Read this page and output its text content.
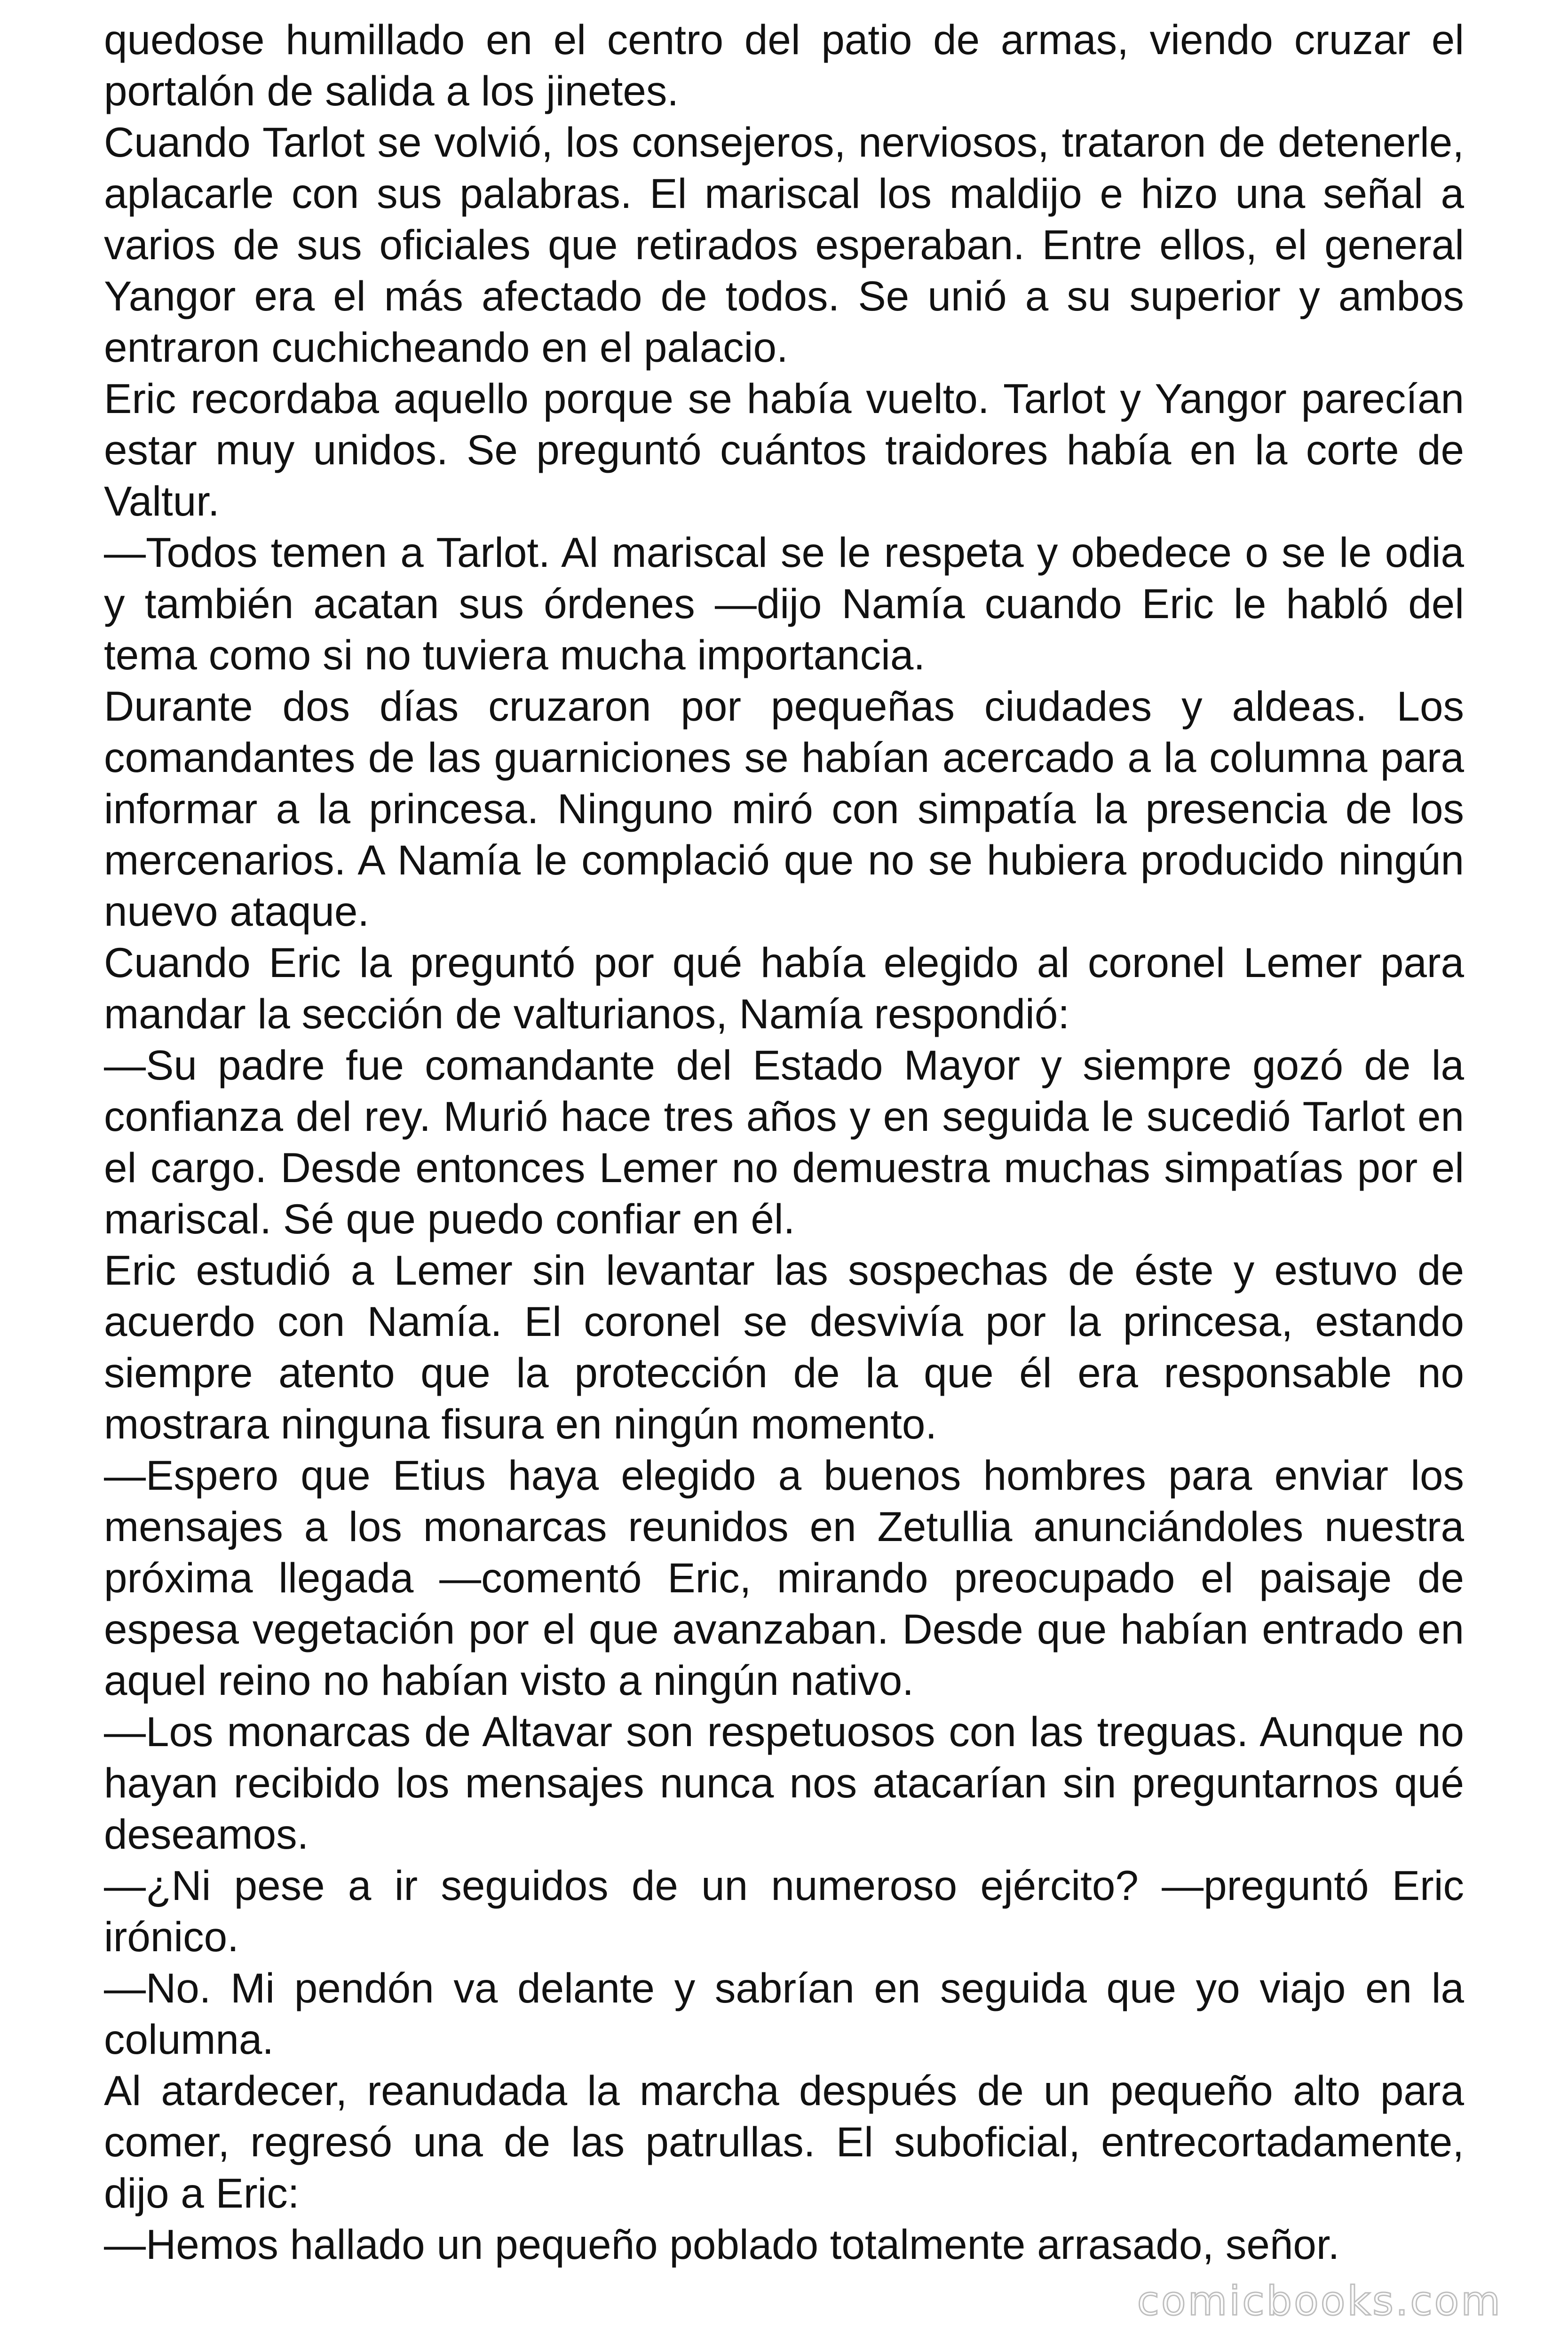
quedose humillado en el centro del patio de armas, viendo cruzar el portalón de salida a los jinetes.

Cuando Tarlot se volvió, los consejeros, nerviosos, trataron de detenerle, aplacarle con sus palabras. El mariscal los maldijo e hizo una señal a varios de sus oficiales que retirados esperaban. Entre ellos, el general Yangor era el más afectado de todos. Se unió a su superior y ambos entraron cuchicheando en el palacio.

Eric recordaba aquello porque se había vuelto. Tarlot y Yangor parecían estar muy unidos. Se preguntó cuántos traidores había en la corte de Valtur.

—Todos temen a Tarlot. Al mariscal se le respeta y obedece o se le odia y también acatan sus órdenes —dijo Namía cuando Eric le habló del tema como si no tuviera mucha importancia.

Durante dos días cruzaron por pequeñas ciudades y aldeas. Los comandantes de las guarniciones se habían acercado a la columna para informar a la princesa. Ninguno miró con simpatía la presencia de los mercenarios. A Namía le complació que no se hubiera producido ningún nuevo ataque.

Cuando Eric la preguntó por qué había elegido al coronel Lemer para mandar la sección de valturianos, Namía respondió:

—Su padre fue comandante del Estado Mayor y siempre gozó de la confianza del rey. Murió hace tres años y en seguida le sucedió Tarlot en el cargo. Desde entonces Lemer no demuestra muchas simpatías por el mariscal. Sé que puedo confiar en él.

Eric estudió a Lemer sin levantar las sospechas de éste y estuvo de acuerdo con Namía. El coronel se desvivía por la princesa, estando siempre atento que la protección de la que él era responsable no mostrara ninguna fisura en ningún momento.

—Espero que Etius haya elegido a buenos hombres para enviar los mensajes a los monarcas reunidos en Zetullia anunciándoles nuestra próxima llegada —comentó Eric, mirando preocupado el paisaje de espesa vegetación por el que avanzaban. Desde que habían entrado en aquel reino no habían visto a ningún nativo.

—Los monarcas de Altavar son respetuosos con las treguas. Aunque no hayan recibido los mensajes nunca nos atacarían sin preguntarnos qué deseamos.

—¿Ni pese a ir seguidos de un numeroso ejército? —preguntó Eric irónico.

—No. Mi pendón va delante y sabrían en seguida que yo viajo en la columna.

Al atardecer, reanudada la marcha después de un pequeño alto para comer, regresó una de las patrullas. El suboficial, entrecortadamente, dijo a Eric:

—Hemos hallado un pequeño poblado totalmente arrasado, señor.

comicbooks.com
